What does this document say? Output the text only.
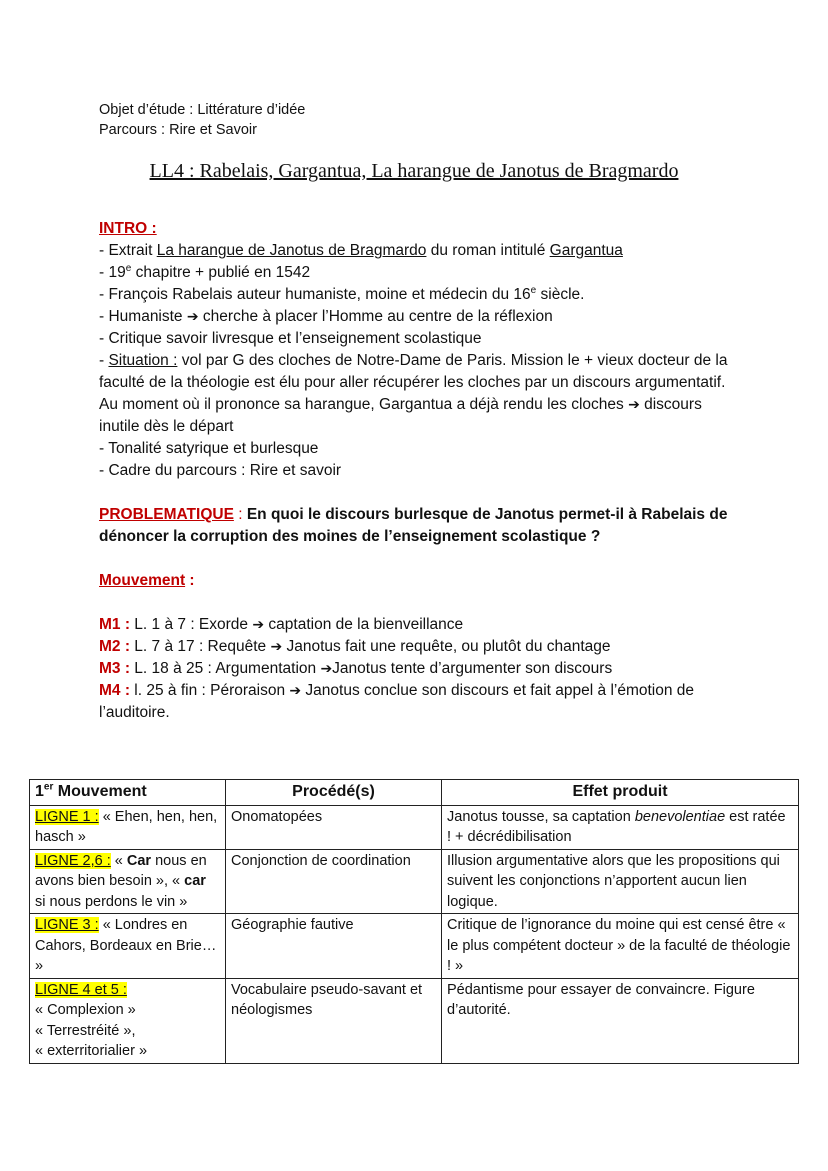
Objet d’étude : Littérature d’idée
Parcours : Rire et Savoir
LL4 : Rabelais, Gargantua, La harangue de Janotus de Bragmardo
INTRO :
- Extrait La harangue de Janotus de Bragmardo du roman intitulé Gargantua
- 19e chapitre + publié en 1542
- François Rabelais auteur humaniste, moine et médecin du 16e siècle.
- Humaniste ➔ cherche à placer l’Homme au centre de la réflexion
- Critique savoir livresque et l’enseignement scolastique
- Situation : vol par G des cloches de Notre-Dame de Paris. Mission le + vieux docteur de la faculté de la théologie est élu pour aller récupérer les cloches par un discours argumentatif. Au moment où il prononce sa harangue, Gargantua a déjà rendu les cloches ➔ discours inutile dès le départ
- Tonalité satyrique et burlesque
- Cadre du parcours : Rire et savoir
PROBLEMATIQUE : En quoi le discours burlesque de Janotus permet-il à Rabelais de dénoncer la corruption des moines de l’enseignement scolastique ?
Mouvement :
M1 : L. 1 à 7 : Exorde ➔ captation de la bienveillance
M2 : L. 7 à 17 : Requête ➔ Janotus fait une requête, ou plutôt du chantage
M3 : L. 18 à 25 : Argumentation ➔Janotus tente d’argumenter son discours
M4 : l. 25 à fin : Péroraison ➔ Janotus conclue son discours et fait appel à l’émotion de l’auditoire.
1er Mouvement	Procédé(s)	Effet produit
LIGNE 1 : « Ehen, hen, hen, hasch »	Onomatopées	Janotus tousse, sa captation benevolentiae est ratée ! + décrédibilisation
LIGNE 2,6 : « Car nous en avons bien besoin », « car si nous perdons le vin »	Conjonction de coordination	Illusion argumentative alors que les propositions qui suivent les conjonctions n’apportent aucun lien logique.
LIGNE 3 : « Londres en Cahors, Bordeaux en Brie… »	Géographie fautive	Critique de l’ignorance du moine qui est censé être « le plus compétent docteur » de la faculté de théologie ! »

LIGNE 4 et 5 :
« Complexion »
« Terrestréité »,
« exterritorialier »	Vocabulaire pseudo-savant et néologismes	Pédantisme pour essayer de convaincre. Figure d’autorité.
